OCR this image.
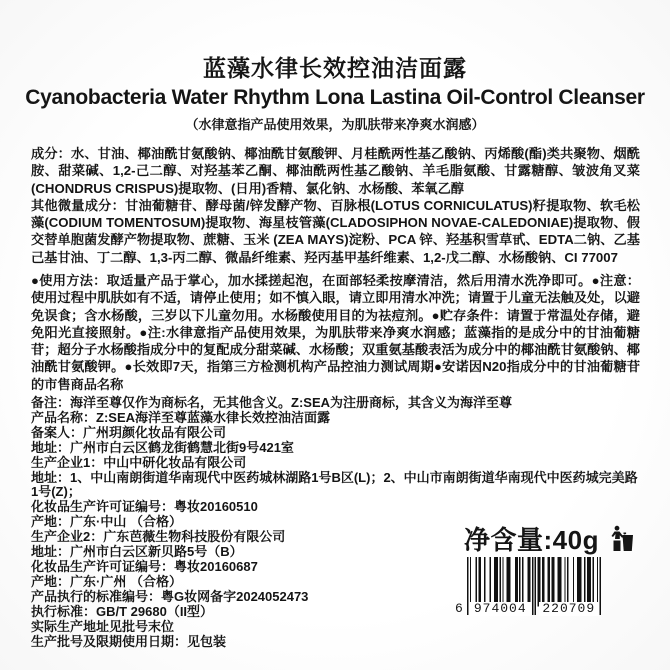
蓝藻水律长效控油洁面露
Cyanobacteria Water Rhythm Lona Lastina Oil-Control Cleanser
（水律意指产品使用效果，为肌肤带来净爽水润感）
成分：水、甘油、椰油酰甘氨酸钠、椰油酰甘氨酸钾、月桂酰两性基乙酸钠、丙烯酸(酯)类共聚物、烟酰胺、甜菜碱、1,2-己二醇、对羟基苯乙酮、椰油酰两性基乙酸钠、羊毛脂氨酸、甘露糖醇、皱波角叉菜(CHONDRUS CRISPUS)提取物、(日用)香精、氯化钠、水杨酸、苯氧乙醇
其他微量成分：甘油葡糖苷、酵母菌/锌发酵产物、百脉根(LOTUS CORNICULATUS)籽提取物、软毛松藻(CODIUM TOMENTOSUM)提取物、海星枝管藻(CLADOSIPHON NOVAE-CALEDONIAE)提取物、假交替单胞菌发酵产物提取物、蔗糖、玉米 (ZEA MAYS)淀粉、PCA 锌、羟基积雪草甙、EDTA二钠、乙基己基甘油、丁二醇、1,3-丙二醇、微晶纤维素、羟丙基甲基纤维素、1,2-戊二醇、水杨酸钠、CI 77007
●使用方法：取适量产品于掌心，加水揉搓起泡，在面部轻柔按摩清洁，然后用清水洗净即可。●注意：使用过程中肌肤如有不适，请停止使用；如不慎入眼，请立即用清水冲洗；请置于儿童无法触及处，以避免误食；含水杨酸，三岁以下儿童勿用。水杨酸使用目的为祛痘剂。●贮存条件：请置于常温处存储，避免阳光直接照射。●注:水律意指产品使用效果，为肌肤带来净爽水润感；蓝藻指的是成分中的甘油葡糖苷；超分子水杨酸指成分中的复配成分甜菜碱、水杨酸；双重氨基酸表活为成分中的椰油酰甘氨酸钠、椰油酰甘氨酸钾。●长效即7天，指第三方检测机构产品控油力测试周期●安诺因N20指成分中的甘油葡糖苷的市售商品名称
备注：海洋至尊仅作为商标名，无其他含义。Z:SEA为注册商标，其含义为海洋至尊
产品名称：Z:SEA海洋至尊蓝藻水律长效控油洁面露
备案人：广州玥颜化妆品有限公司
地址：广州市白云区鹤龙街鹤慧北街9号421室
生产企业1：中山中研化妆品有限公司
地址：1、中山南朗街道华南现代中医药城林湖路1号B区(L)；2、中山市南朗街道华南现代中医药城完美路1号(Z)；
化妆品生产许可证编号：粤妆20160510
产地：广东·中山 （合格）
生产企业2：广东芭薇生物科技股份有限公司
地址：广州市白云区新贝路5号（B）
化妆品生产许可证编号：粤妆20160687
产地：广东·广州 （合格）
产品执行的标准编号：粤G妆网备字2024052473
执行标准：GB/T 29680（II型）
实际生产地址见批号末位
生产批号及限期使用日期：见包装
净含量:40g
6 974004 220709
